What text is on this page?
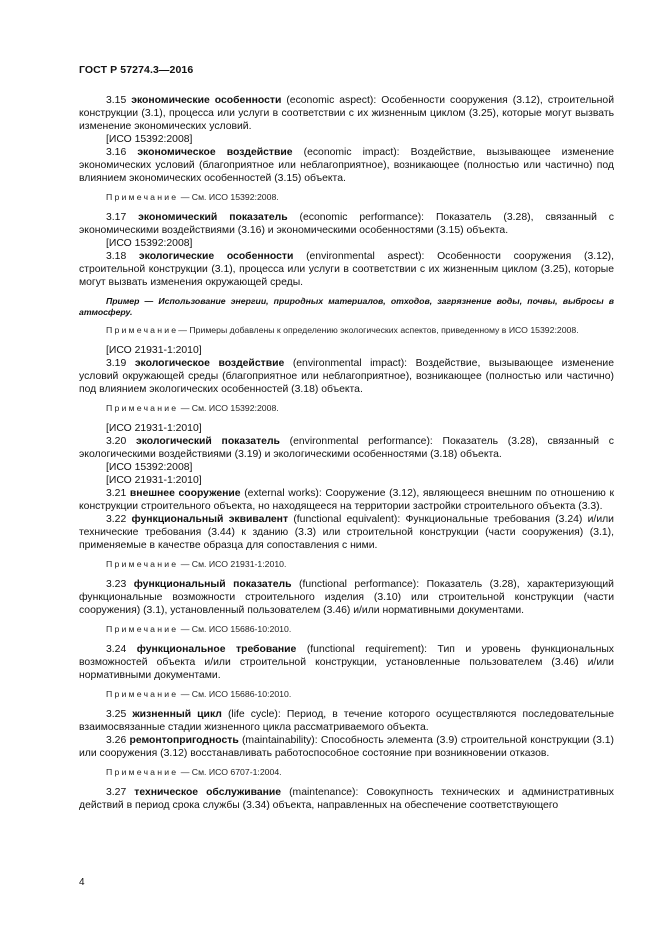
ГОСТ Р 57274.3—2016

3.15 экономические особенности (economic aspect): Особенности сооружения (3.12), строительной конструкции (3.1), процесса или услуги в соответствии с их жизненным циклом (3.25), которые могут вызвать изменение экономических условий.

[ИСО 15392:2008]

3.16 экономическое воздействие (economic impact): Воздействие, вызывающее изменение экономических условий (благоприятное или неблагоприятное), возникающее (полностью или частично) под влиянием экономических особенностей (3.15) объекта.

Примечание — См. ИСО 15392:2008.

3.17 экономический показатель (economic performance): Показатель (3.28), связанный с экономическими воздействиями (3.16) и экономическими особенностями (3.15) объекта.

[ИСО 15392:2008]

3.18 экологические особенности (environmental aspect): Особенности сооружения (3.12), строительной конструкции (3.1), процесса или услуги в соответствии с их жизненным циклом (3.25), которые могут вызвать изменения окружающей среды.

Пример — Использование энергии, природных материалов, отходов, загрязнение воды, почвы, выбросы в атмосферу.

Примечание— Примеры добавлены к определению экологических аспектов, приведенному в ИСО 15392:2008.

[ИСО 21931-1:2010]

3.19 экологическое воздействие (environmental impact): Воздействие, вызывающее изменение условий окружающей среды (благоприятное или неблагоприятное), возникающее (полностью или частично) под влиянием экологических особенностей (3.18) объекта.

Примечание — См. ИСО 15392:2008.

[ИСО 21931-1:2010]

3.20 экологический показатель (environmental performance): Показатель (3.28), связанный с экологическими воздействиями (3.19) и экологическими особенностями (3.18) объекта.

[ИСО 15392:2008]

[ИСО 21931-1:2010]

3.21 внешнее сооружение (external works): Сооружение (3.12), являющееся внешним по отношению к конструкции строительного объекта, но находящееся на территории застройки строительного объекта (3.3).

3.22 функциональный эквивалент (functional equivalent): Функциональные требования (3.24) и/или технические требования (3.44) к зданию (3.3) или строительной конструкции (части сооружения) (3.1), применяемые в качестве образца для сопоставления с ними.

Примечание — См. ИСО 21931-1:2010.

3.23 функциональный показатель (functional performance): Показатель (3.28), характеризующий функциональные возможности строительного изделия (3.10) или строительной конструкции (части сооружения) (3.1), установленный пользователем (3.46) и/или нормативными документами.

Примечание — См. ИСО 15686-10:2010.

3.24 функциональное требование (functional requirement): Тип и уровень функциональных возможностей объекта и/или строительной конструкции, установленные пользователем (3.46) и/или нормативными документами.

Примечание — См. ИСО 15686-10:2010.

3.25 жизненный цикл (life cycle): Период, в течение которого осуществляются последовательные взаимосвязанные стадии жизненного цикла рассматриваемого объекта.

3.26 ремонтопригодность (maintainability): Способность элемента (3.9) строительной конструкции (3.1) или сооружения (3.12) восстанавливать работоспособное состояние при возникновении отказов.

Примечание — См. ИСО 6707-1:2004.

3.27 техническое обслуживание (maintenance): Совокупность технических и административных действий в период срока службы (3.34) объекта, направленных на обеспечение соответствующего

4
